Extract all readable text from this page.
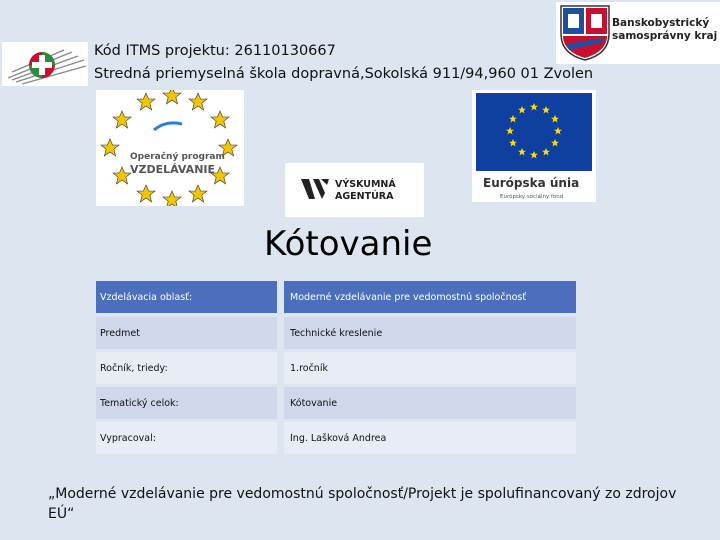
Kód ITMS projektu: 26110130667
Stredná priemyselná škola dopravná,Sokolská 911/94,960 01 Zvolen
Banskobystrický
samosprávny kraj
Operačný program
VZDELÁVANIE
VÝSKUMNÁ
AGENTÚRA
Európska únia
Európsky sociálny fond
Kótovanie
Vzdelávacia oblasť:	Moderné vzdelávanie pre vedomostnú spoločnosť
Predmet	Technické kreslenie
Ročník, triedy:	1.ročník
Tematický celok:	Kótovanie
Vypracoval:	Ing. Lašková Andrea
„Moderné vzdelávanie pre vedomostnú spoločnosť/Projekt je spolufinancovaný zo zdrojov EÚ“
